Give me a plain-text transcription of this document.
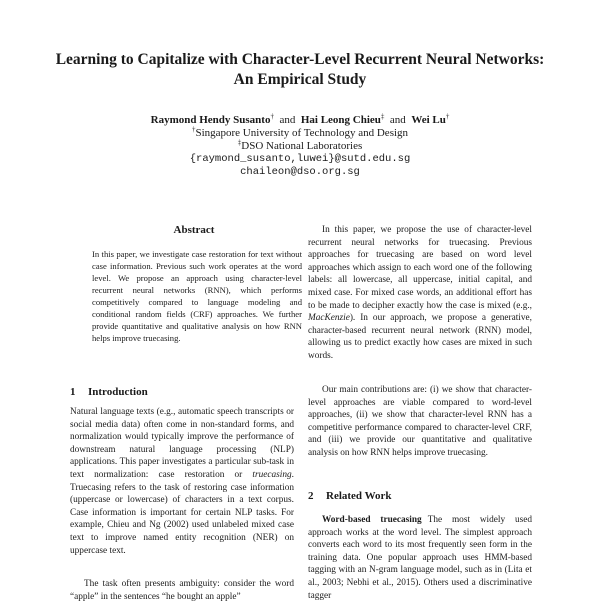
Learning to Capitalize with Character-Level Recurrent Neural Networks:
An Empirical Study
Raymond Hendy Susanto† and Hai Leong Chieu‡ and Wei Lu†
†Singapore University of Technology and Design
‡DSO National Laboratories
{raymond_susanto,luwei}@sutd.edu.sg
chaileon@dso.org.sg
Abstract

In this paper, we investigate case restoration for text without case information. Previous such work operates at the word level. We propose an approach using character-level recurrent neural networks (RNN), which performs competitively compared to language modeling and conditional random fields (CRF) approaches. We further provide quantitative and qualitative analysis on how RNN helps improve truecasing.

1 Introduction

Natural language texts (e.g., automatic speech transcripts or social media data) often come in non-standard forms, and normalization would typically improve the performance of downstream natural language processing (NLP) applications. This paper investigates a particular sub-task in text normalization: case restoration or truecasing. Truecasing refers to the task of restoring case information (uppercase or lowercase) of characters in a text corpus. Case information is important for certain NLP tasks. For example, Chieu and Ng (2002) used unlabeled mixed case text to improve named entity recognition (NER) on uppercase text.

The task often presents ambiguity: consider the word “apple” in the sentences “he bought an apple”

In this paper, we propose the use of character-level recurrent neural networks for truecasing. Previous approaches for truecasing are based on word level approaches which assign to each word one of the following labels: all lowercase, all uppercase, initial capital, and mixed case. For mixed case words, an additional effort has to be made to decipher exactly how the case is mixed (e.g., MacKenzie). In our approach, we propose a generative, character-based recurrent neural network (RNN) model, allowing us to predict exactly how cases are mixed in such words.

Our main contributions are: (i) we show that character-level approaches are viable compared to word-level approaches, (ii) we show that character-level RNN has a competitive performance compared to character-level CRF, and (iii) we provide our quantitative and qualitative analysis on how RNN helps improve truecasing.

2 Related Work

Word-based truecasing The most widely used approach works at the word level. The simplest approach converts each word to its most frequently seen form in the training data. One popular approach uses HMM-based tagging with an N-gram language model, such as in (Lita et al., 2003; Nebhi et al., 2015). Others used a discriminative tagger
